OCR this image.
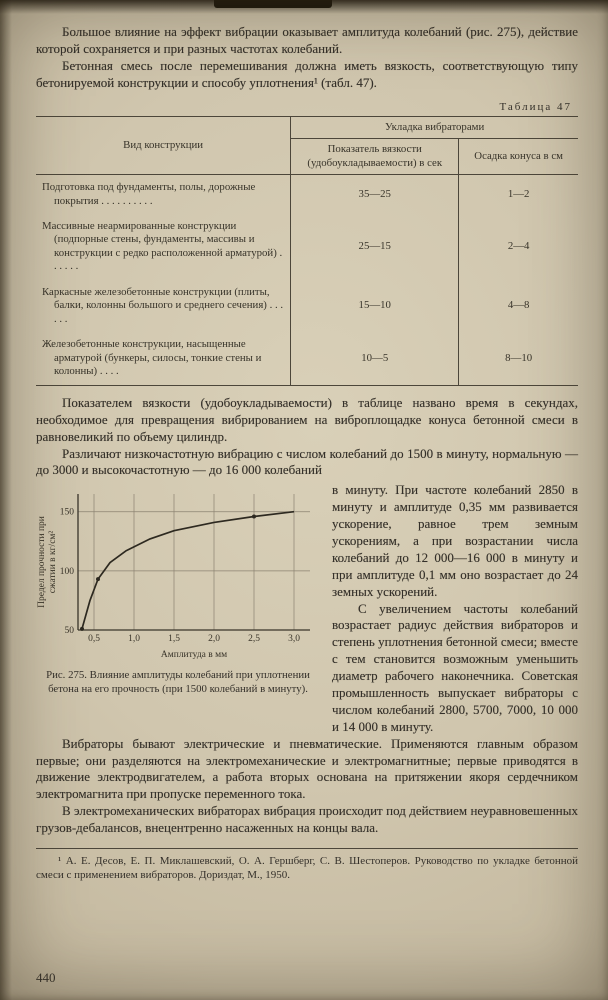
Большое влияние на эффект вибрации оказывает амплитуда колебаний (рис. 275), действие которой сохраняется и при разных частотах колебаний.

Бетонная смесь после перемешивания должна иметь вязкость, соответствующую типу бетонируемой конструкции и способу уплотнения¹ (табл. 47).

Таблица 47
Вид конструкции	Укладка вибраторами	
	Показатель вязкости (удобоукладываемости) в сек	Осадка конуса в см
Подготовка под фундаменты, полы, дорожные покрытия . . . . . . . . . .	35—25	1—2
Массивные неармированные конструкции (подпорные стены, фундаменты, массивы и конструкции с редко расположенной арматурой) . . . . . .	25—15	2—4
Каркасные железобетонные конструкции (плиты, балки, колонны большого и среднего сечения) . . . . . .	15—10	4—8
Железобетонные конструкции, насыщенные арматурой (бункеры, силосы, тонкие стены и колонны) . . . .	10—5	8—10

Показателем вязкости (удобоукладываемости) в таблице названо время в секундах, необходимое для превращения вибрированием на виброплощадке конуса бетонной смеси в равновеликий по объему цилиндр.

Различают низкочастотную вибрацию с числом колебаний до 1500 в минуту, нормальную — до 3000 и высокочастотную — до 16 000 колебаний

0,5	1,0	1,5	2,0	2,5	3,0
50
100
150
Предел прочности при сжатии в кг/см²
Амплитуда в мм
Рис. 275. Влияние амплитуды колебаний при уплотнении бетона на его прочность (при 1500 колебаний в минуту).

в минуту. При частоте колебаний 2850 в минуту и амплитуде 0,35 мм развивается ускорение, равное трем земным ускорениям, а при возрастании числа колебаний до 12 000—16 000 в минуту и при амплитуде 0,1 мм оно возрастает до 24 земных ускорений.

С увеличением частоты колебаний возрастает радиус действия вибраторов и степень уплотнения бетонной смеси; вместе с тем становится возможным уменьшить диаметр рабочего наконечника. Советская промышленность выпускает вибраторы с числом колебаний 2800, 5700, 7000, 10 000 и 14 000 в минуту.

Вибраторы бывают электрические и пневматические. Применяются главным образом первые; они разделяются на электромеханические и электромагнитные; первые приводятся в движение электродвигателем, а работа вторых основана на притяжении якоря сердечником электромагнита при пропуске переменного тока.

В электромеханических вибраторах вибрация происходит под действием неуравновешенных грузов-дебалансов, внецентренно насаженных на концы вала.

¹ А. Е. Десов, Е. П. Миклашевский, О. А. Гершберг, С. В. Шестоперов. Руководство по укладке бетонной смеси с применением вибраторов. Дориздат, М., 1950.

440
